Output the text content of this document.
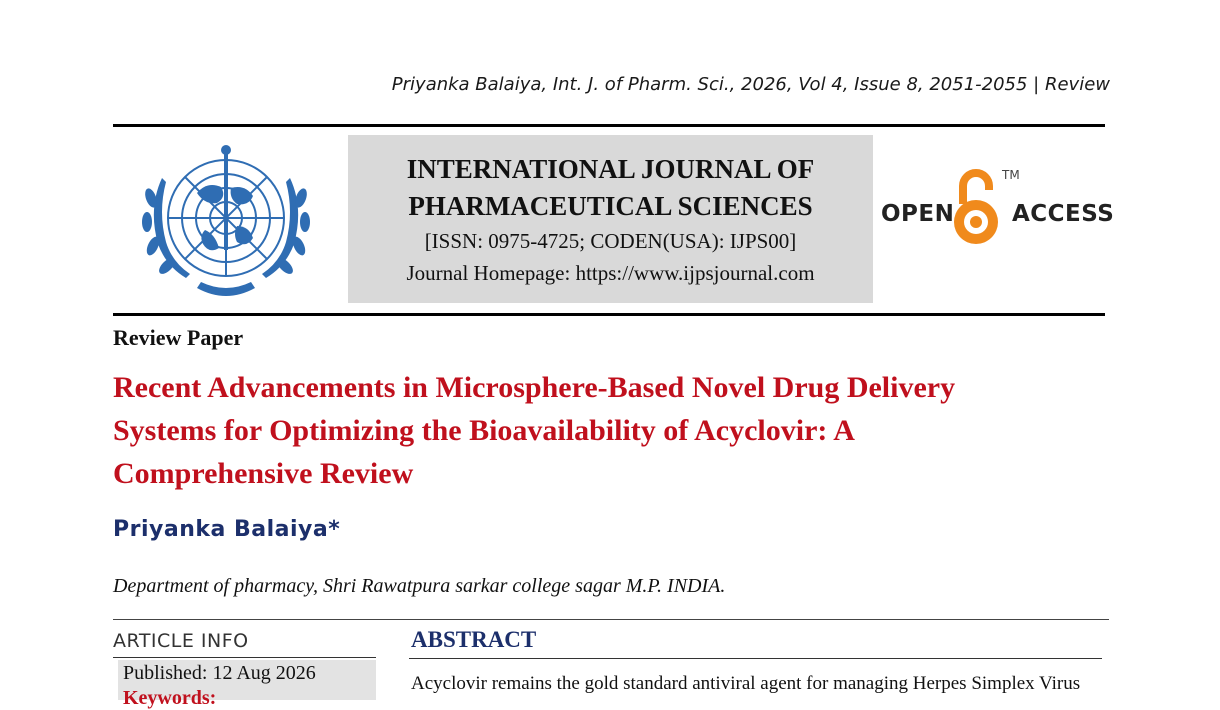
Priyanka Balaiya, Int. J. of Pharm. Sci., 2026, Vol 4, Issue 8, 2051-2055 | Review
INTERNATIONAL JOURNAL OF
PHARMACEUTICAL SCIENCES
[ISSN: 0975-4725; CODEN(USA): IJPS00]
Journal Homepage: https://www.ijpsjournal.com
OPEN
TM
ACCESS
Review Paper
Recent Advancements in Microsphere-Based Novel Drug Delivery
Systems for Optimizing the Bioavailability of Acyclovir: A
Comprehensive Review
Priyanka Balaiya*
Department of pharmacy, Shri Rawatpura sarkar college sagar M.P. INDIA.
ARTICLE INFO
Published: 12 Aug 2026
Keywords:
ABSTRACT
Acyclovir remains the gold standard antiviral agent for managing Herpes Simplex Virus
